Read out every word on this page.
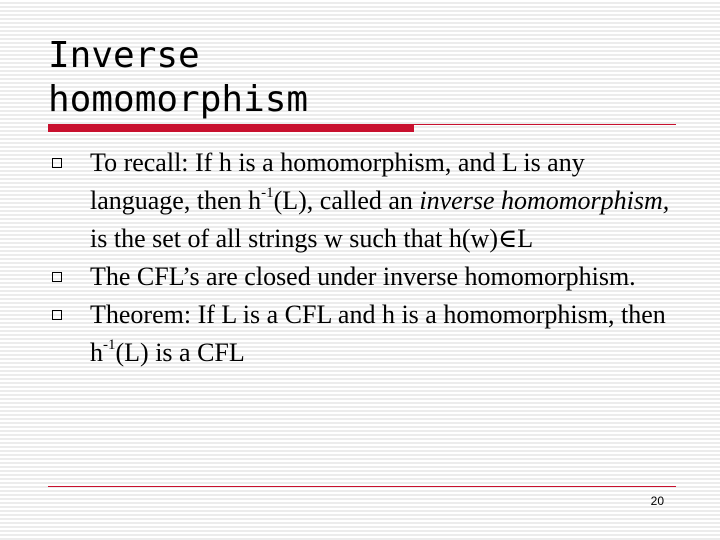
Inverse
homomorphism
To recall: If h is a homomorphism, and L is any language, then $h^{-1}(L)$, called an inverse homomorphism, is the set of all strings w such that h(w)∈L
The CFL’s are closed under inverse homomorphism.
Theorem: If L is a CFL and h is a homomorphism, then $h^{-1}(L)$ is a CFL
20
